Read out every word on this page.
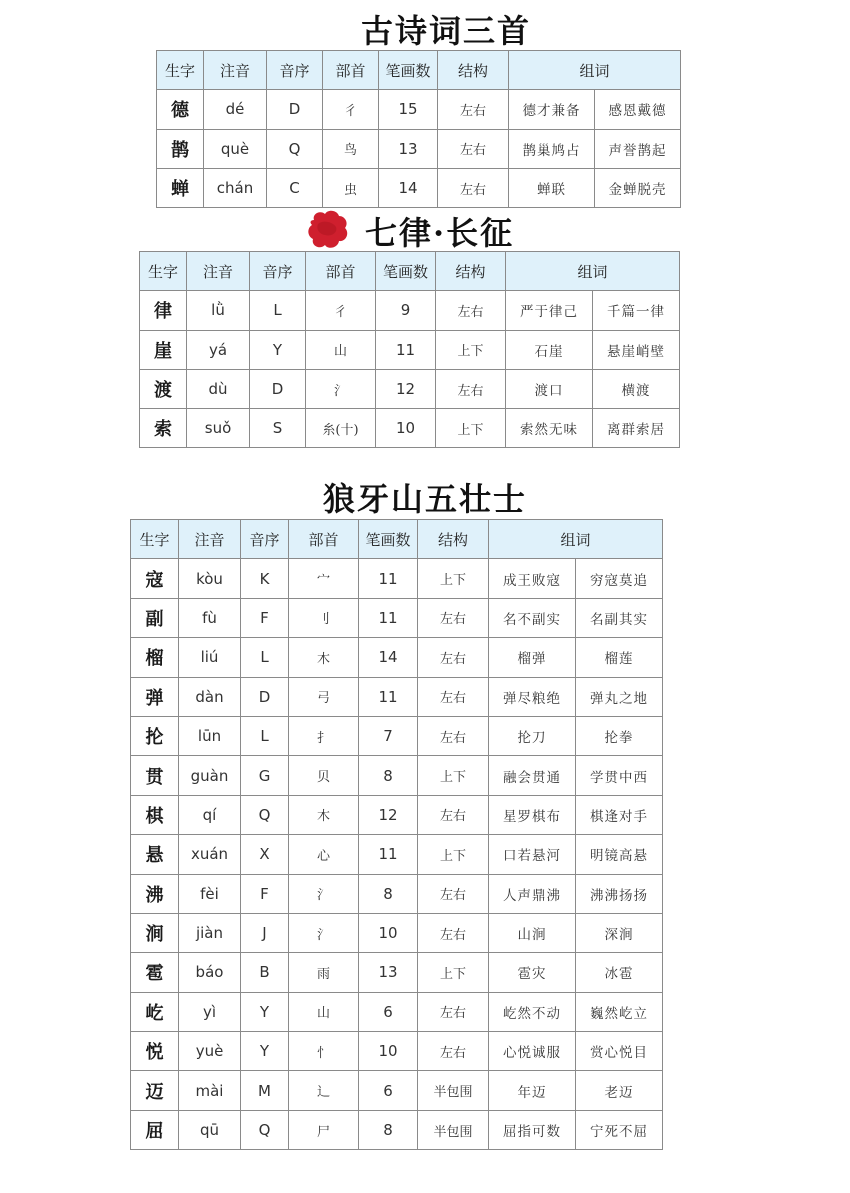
古诗词三首
生字	注音	音序	部首	笔画数	结构	组词	
德	dé	D	彳	15	左右	德才兼备	感恩戴德
鹊	què	Q	鸟	13	左右	鹊巢鸠占	声誉鹊起
蝉	chán	C	虫	14	左右	蝉联	金蝉脱壳
七律·长征
生字	注音	音序	部首	笔画数	结构	组词	
律	lǜ	L	彳	9	左右	严于律己	千篇一律
崖	yá	Y	山	11	上下	石崖	悬崖峭壁
渡	dù	D	氵	12	左右	渡口	横渡
索	suǒ	S	糸(十)	10	上下	索然无味	离群索居
狼牙山五壮士
生字	注音	音序	部首	笔画数	结构	组词	
寇	kòu	K	宀	11	上下	成王败寇	穷寇莫追
副	fù	F	刂	11	左右	名不副实	名副其实
榴	liú	L	木	14	左右	榴弹	榴莲
弹	dàn	D	弓	11	左右	弹尽粮绝	弹丸之地
抡	lūn	L	扌	7	左右	抡刀	抡拳
贯	guàn	G	贝	8	上下	融会贯通	学贯中西
棋	qí	Q	木	12	左右	星罗棋布	棋逢对手
悬	xuán	X	心	11	上下	口若悬河	明镜高悬
沸	fèi	F	氵	8	左右	人声鼎沸	沸沸扬扬
涧	jiàn	J	氵	10	左右	山涧	深涧
雹	báo	B	雨	13	上下	雹灾	冰雹
屹	yì	Y	山	6	左右	屹然不动	巍然屹立
悦	yuè	Y	忄	10	左右	心悦诚服	赏心悦目
迈	mài	M	辶	6	半包围	年迈	老迈
屈	qū	Q	尸	8	半包围	屈指可数	宁死不屈
